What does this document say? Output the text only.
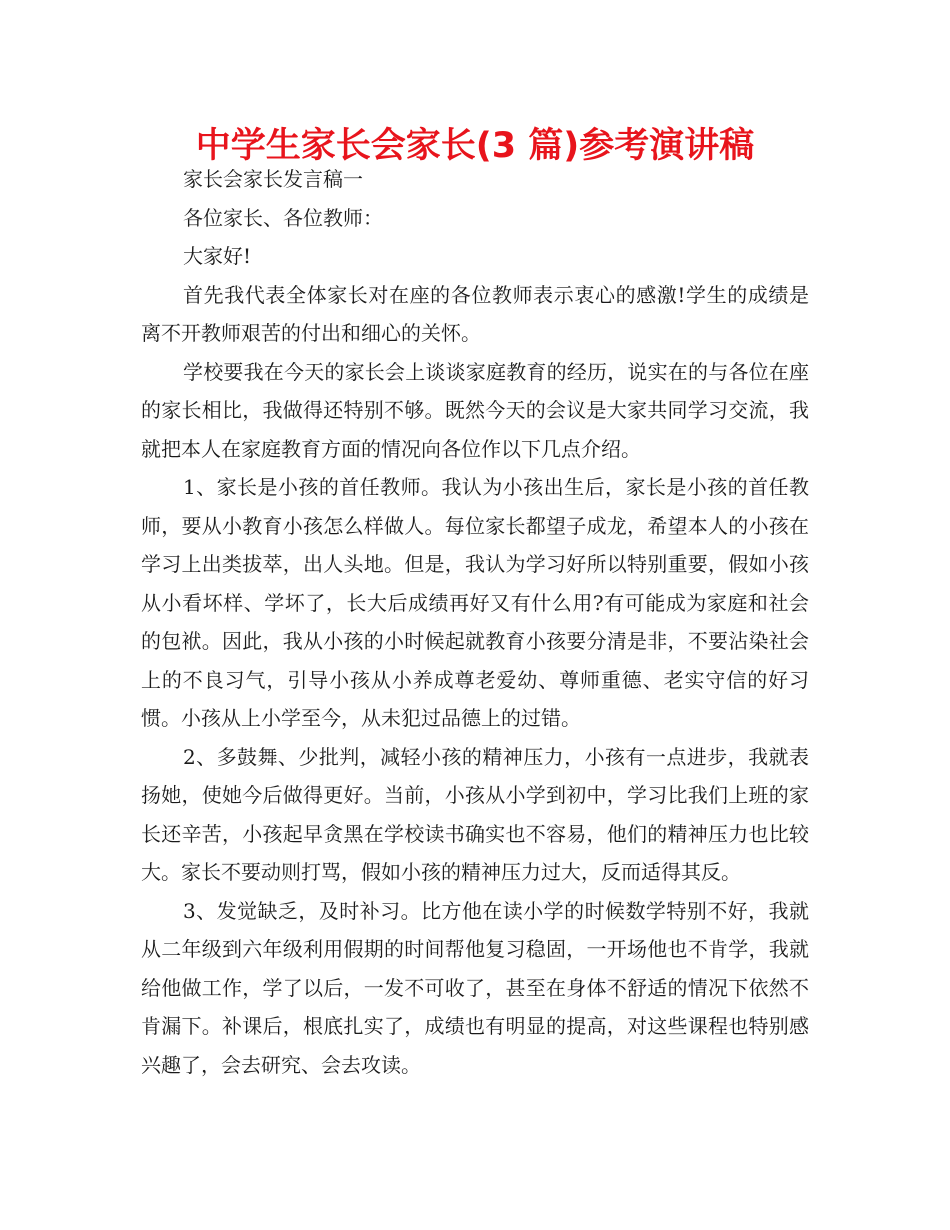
中学生家长会家长(3 篇)参考演讲稿

家长会家长发言稿一

各位家长、各位教师：

大家好!

首先我代表全体家长对在座的各位教师表示衷心的感激!学生的成绩是离不开教师艰苦的付出和细心的关怀。

学校要我在今天的家长会上谈谈家庭教育的经历，说实在的与各位在座的家长相比，我做得还特别不够。既然今天的会议是大家共同学习交流，我就把本人在家庭教育方面的情况向各位作以下几点介绍。

1、家长是小孩的首任教师。我认为小孩出生后，家长是小孩的首任教师，要从小教育小孩怎么样做人。每位家长都望子成龙，希望本人的小孩在学习上出类拔萃，出人头地。但是，我认为学习好所以特别重要，假如小孩从小看坏样、学坏了，长大后成绩再好又有什么用?有可能成为家庭和社会的包袱。因此，我从小孩的小时候起就教育小孩要分清是非，不要沾染社会上的不良习气，引导小孩从小养成尊老爱幼、尊师重德、老实守信的好习惯。小孩从上小学至今，从未犯过品德上的过错。

2、多鼓舞、少批判，减轻小孩的精神压力，小孩有一点进步，我就表扬她，使她今后做得更好。当前，小孩从小学到初中，学习比我们上班的家长还辛苦，小孩起早贪黑在学校读书确实也不容易，他们的精神压力也比较大。家长不要动则打骂，假如小孩的精神压力过大，反而适得其反。

3、发觉缺乏，及时补习。比方他在读小学的时候数学特别不好，我就从二年级到六年级利用假期的时间帮他复习稳固，一开场他也不肯学，我就给他做工作，学了以后，一发不可收了，甚至在身体不舒适的情况下依然不肯漏下。补课后，根底扎实了，成绩也有明显的提高，对这些课程也特别感兴趣了，会去研究、会去攻读。
